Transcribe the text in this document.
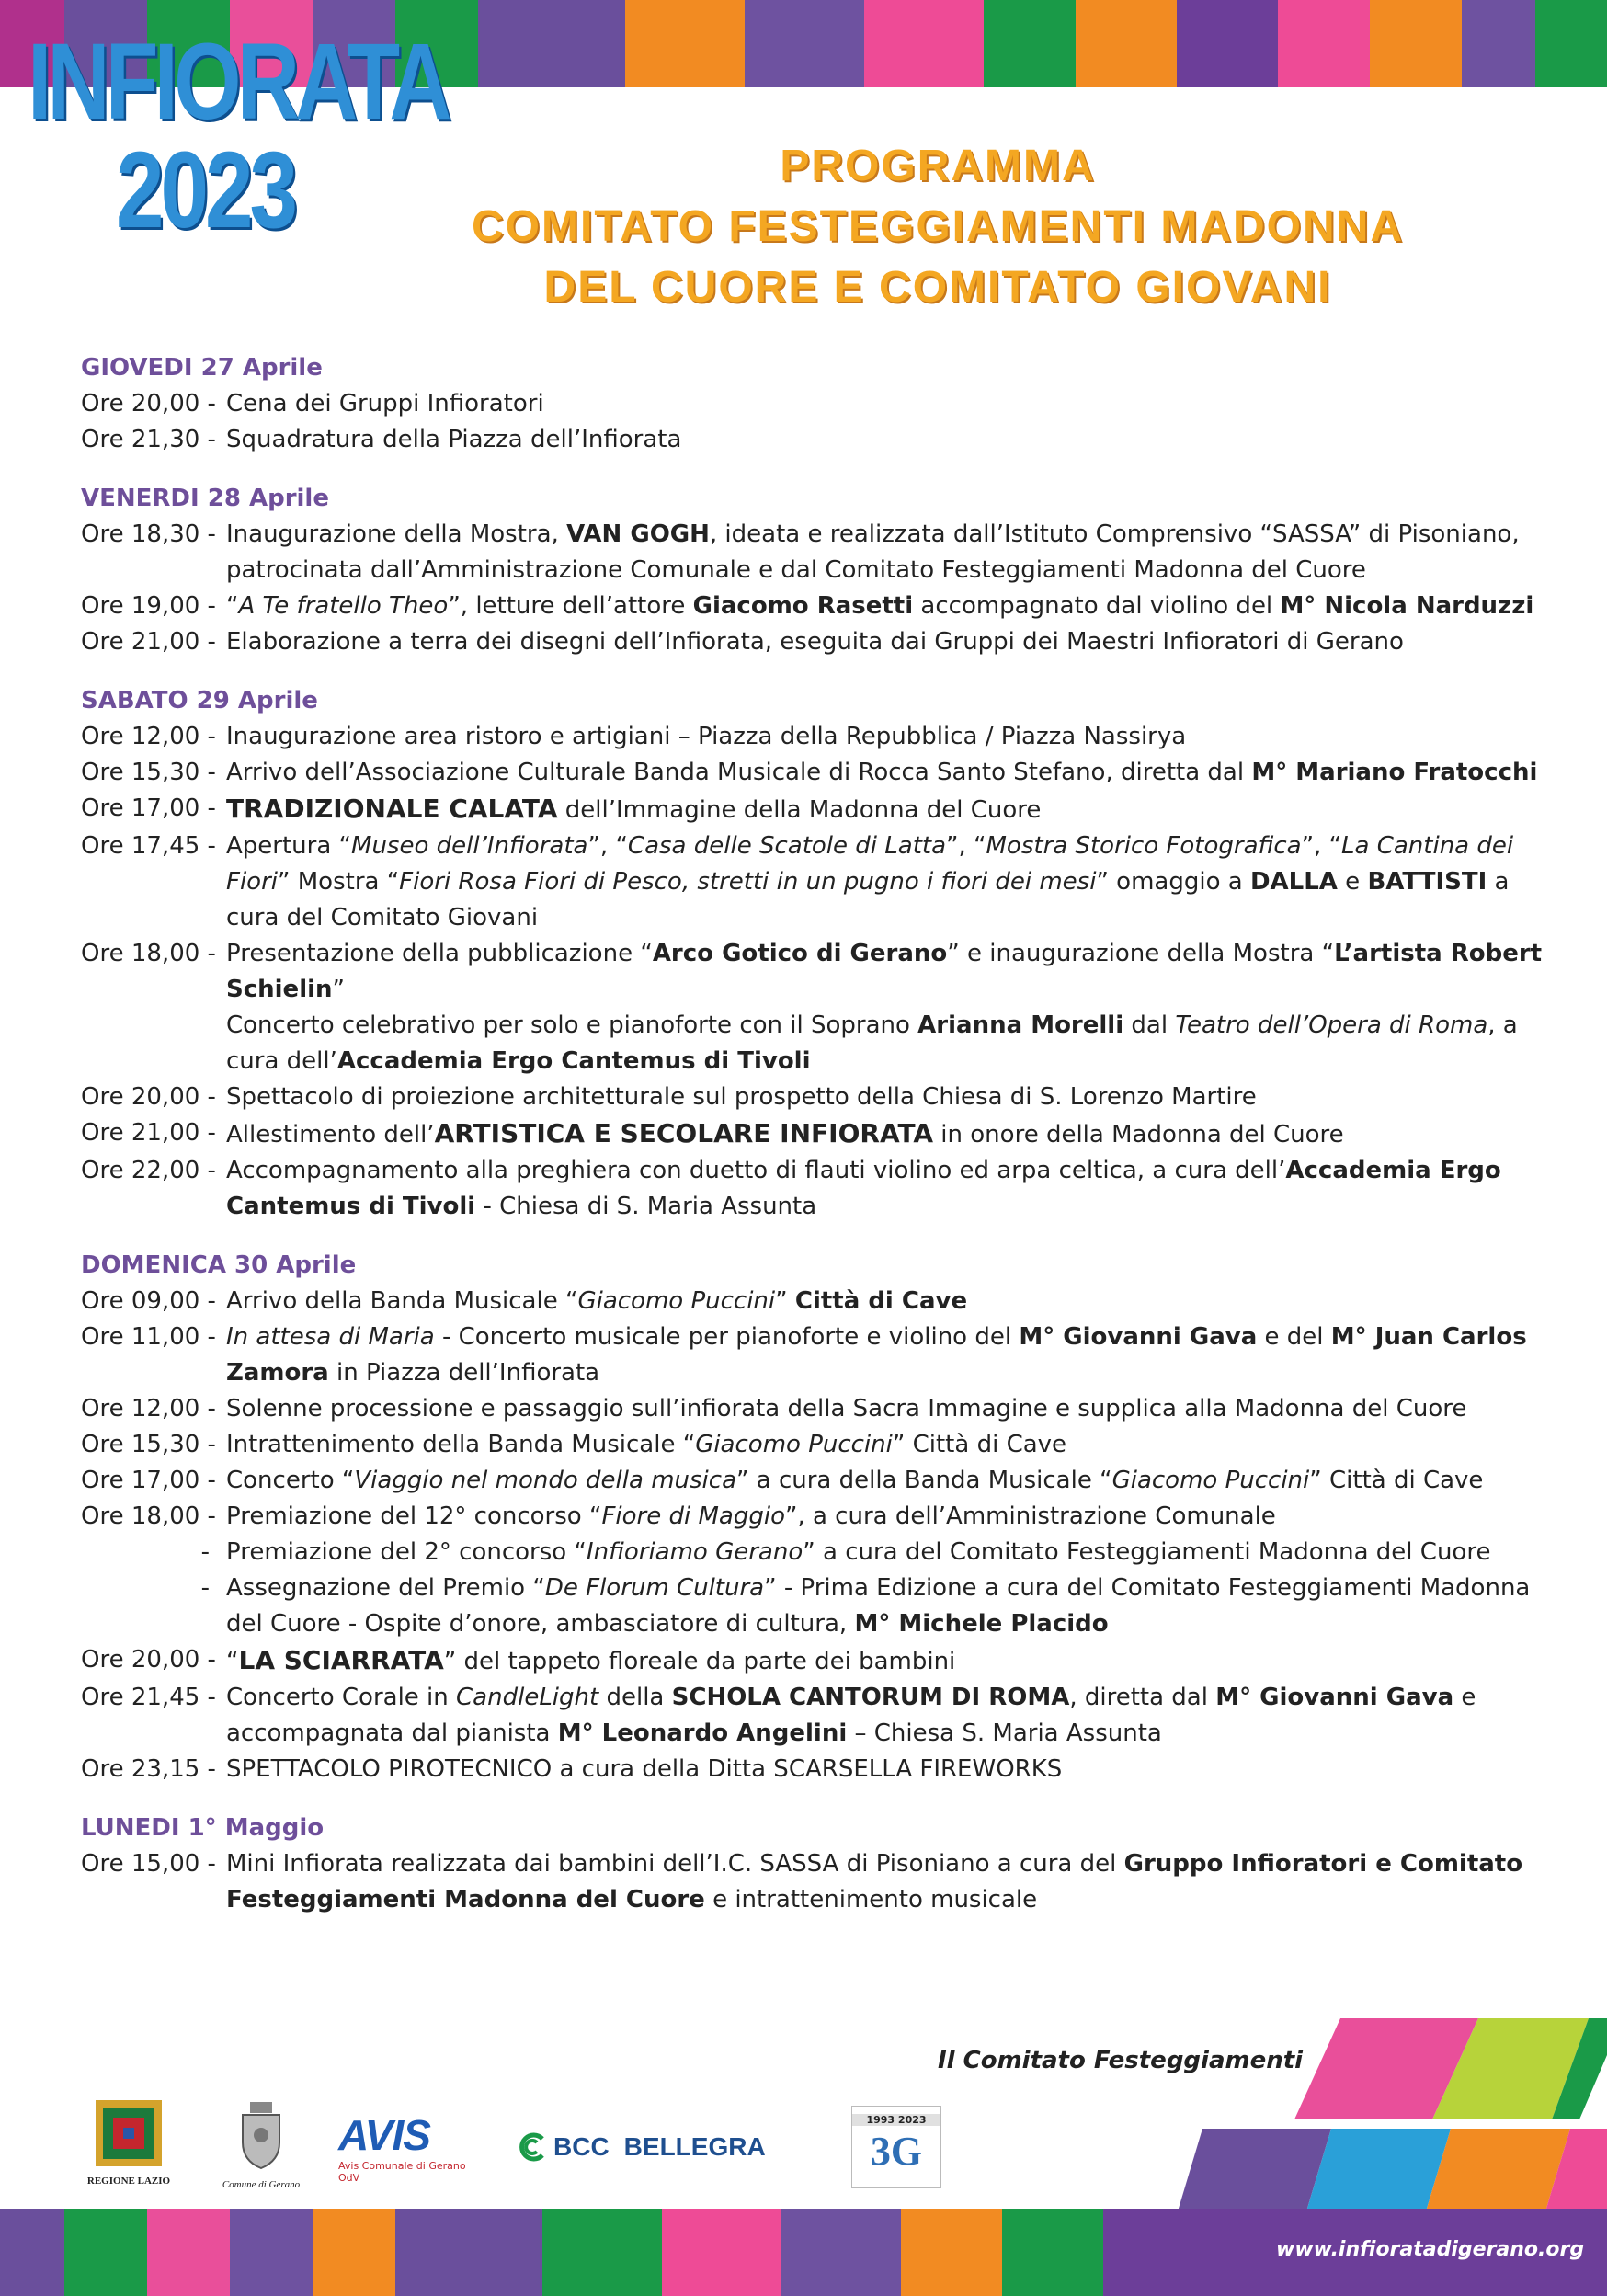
INFIORATA
2023	PROGRAMMA
COMITATO FESTEGGIAMENTI MADONNA
DEL CUORE E COMITATO GIOVANI
GIOVEDI 27 Aprile
Ore 20,00 - Cena dei Gruppi Infioratori
Ore 21,30 - Squadratura della Piazza dell’Infiorata
VENERDI 28 Aprile
Ore 18,30 - Inaugurazione della Mostra, VAN GOGH, ideata e realizzata dall’Istituto Comprensivo “SASSA” di Pisoniano, patrocinata dall’Amministrazione Comunale e dal Comitato Festeggiamenti Madonna del Cuore
Ore 19,00 - “A Te fratello Theo”, letture dell’attore Giacomo Rasetti accompagnato dal violino del M° Nicola Narduzzi
Ore 21,00 - Elaborazione a terra dei disegni dell’Infiorata, eseguita dai Gruppi dei Maestri Infioratori di Gerano
SABATO 29 Aprile
Ore 12,00 - Inaugurazione area ristoro e artigiani – Piazza della Repubblica / Piazza Nassirya
Ore 15,30 - Arrivo dell’Associazione Culturale Banda Musicale di Rocca Santo Stefano, diretta dal M° Mariano Fratocchi
Ore 17,00 - TRADIZIONALE CALATA dell’Immagine della Madonna del Cuore
Ore 17,45 - Apertura “Museo dell’Infiorata”, “Casa delle Scatole di Latta”, “Mostra Storico Fotografica”, “La Cantina dei Fiori” Mostra “Fiori Rosa Fiori di Pesco, stretti in un pugno i fiori dei mesi” omaggio a DALLA e BATTISTI a cura del Comitato Giovani
Ore 18,00 - Presentazione della pubblicazione “Arco Gotico di Gerano” e inaugurazione della Mostra “L’artista Robert Schielin”
Concerto celebrativo per solo e pianoforte con il Soprano Arianna Morelli dal Teatro dell’Opera di Roma, a cura dell’Accademia Ergo Cantemus di Tivoli
Ore 20,00 - Spettacolo di proiezione architetturale sul prospetto della Chiesa di S. Lorenzo Martire
Ore 21,00 - Allestimento dell’ARTISTICA E SECOLARE INFIORATA in onore della Madonna del Cuore
Ore 22,00 - Accompagnamento alla preghiera con duetto di flauti violino ed arpa celtica, a cura dell’Accademia Ergo Cantemus di Tivoli - Chiesa di S. Maria Assunta
DOMENICA 30 Aprile
Ore 09,00 - Arrivo della Banda Musicale “Giacomo Puccini” Città di Cave
Ore 11,00 - In attesa di Maria - Concerto musicale per pianoforte e violino del M° Giovanni Gava e del M° Juan Carlos Zamora in Piazza dell’Infiorata
Ore 12,00 - Solenne processione e passaggio sull’infiorata della Sacra Immagine e supplica alla Madonna del Cuore
Ore 15,30 - Intrattenimento della Banda Musicale “Giacomo Puccini” Città di Cave
Ore 17,00 - Concerto “Viaggio nel mondo della musica” a cura della Banda Musicale “Giacomo Puccini” Città di Cave
Ore 18,00 - Premiazione del 12° concorso “Fiore di Maggio”, a cura dell’Amministrazione Comunale
- Premiazione del 2° concorso “Infioriamo Gerano” a cura del Comitato Festeggiamenti Madonna del Cuore
- Assegnazione del Premio “De Florum Cultura” - Prima Edizione a cura del Comitato Festeggiamenti Madonna del Cuore - Ospite d’onore, ambasciatore di cultura, M° Michele Placido
Ore 20,00 - “LA SCIARRATA” del tappeto floreale da parte dei bambini
Ore 21,45 - Concerto Corale in CandleLight della SCHOLA CANTORUM DI ROMA, diretta dal M° Giovanni Gava e accompagnata dal pianista M° Leonardo Angelini – Chiesa S. Maria Assunta
Ore 23,15 - SPETTACOLO PIROTECNICO a cura della Ditta SCARSELLA FIREWORKS
LUNEDI 1° Maggio
Ore 15,00 - Mini Infiorata realizzata dai bambini dell’I.C. SASSA di Pisoniano a cura del Gruppo Infioratori e Comitato Festeggiamenti Madonna del Cuore e intrattenimento musicale
Il Comitato Festeggiamenti
REGIONE LAZIO	Comune di Gerano
AVIS
Avis Comunale di Gerano OdV
BCC BELLEGRA
1993 2023
3G
www.infioratadigerano.org
